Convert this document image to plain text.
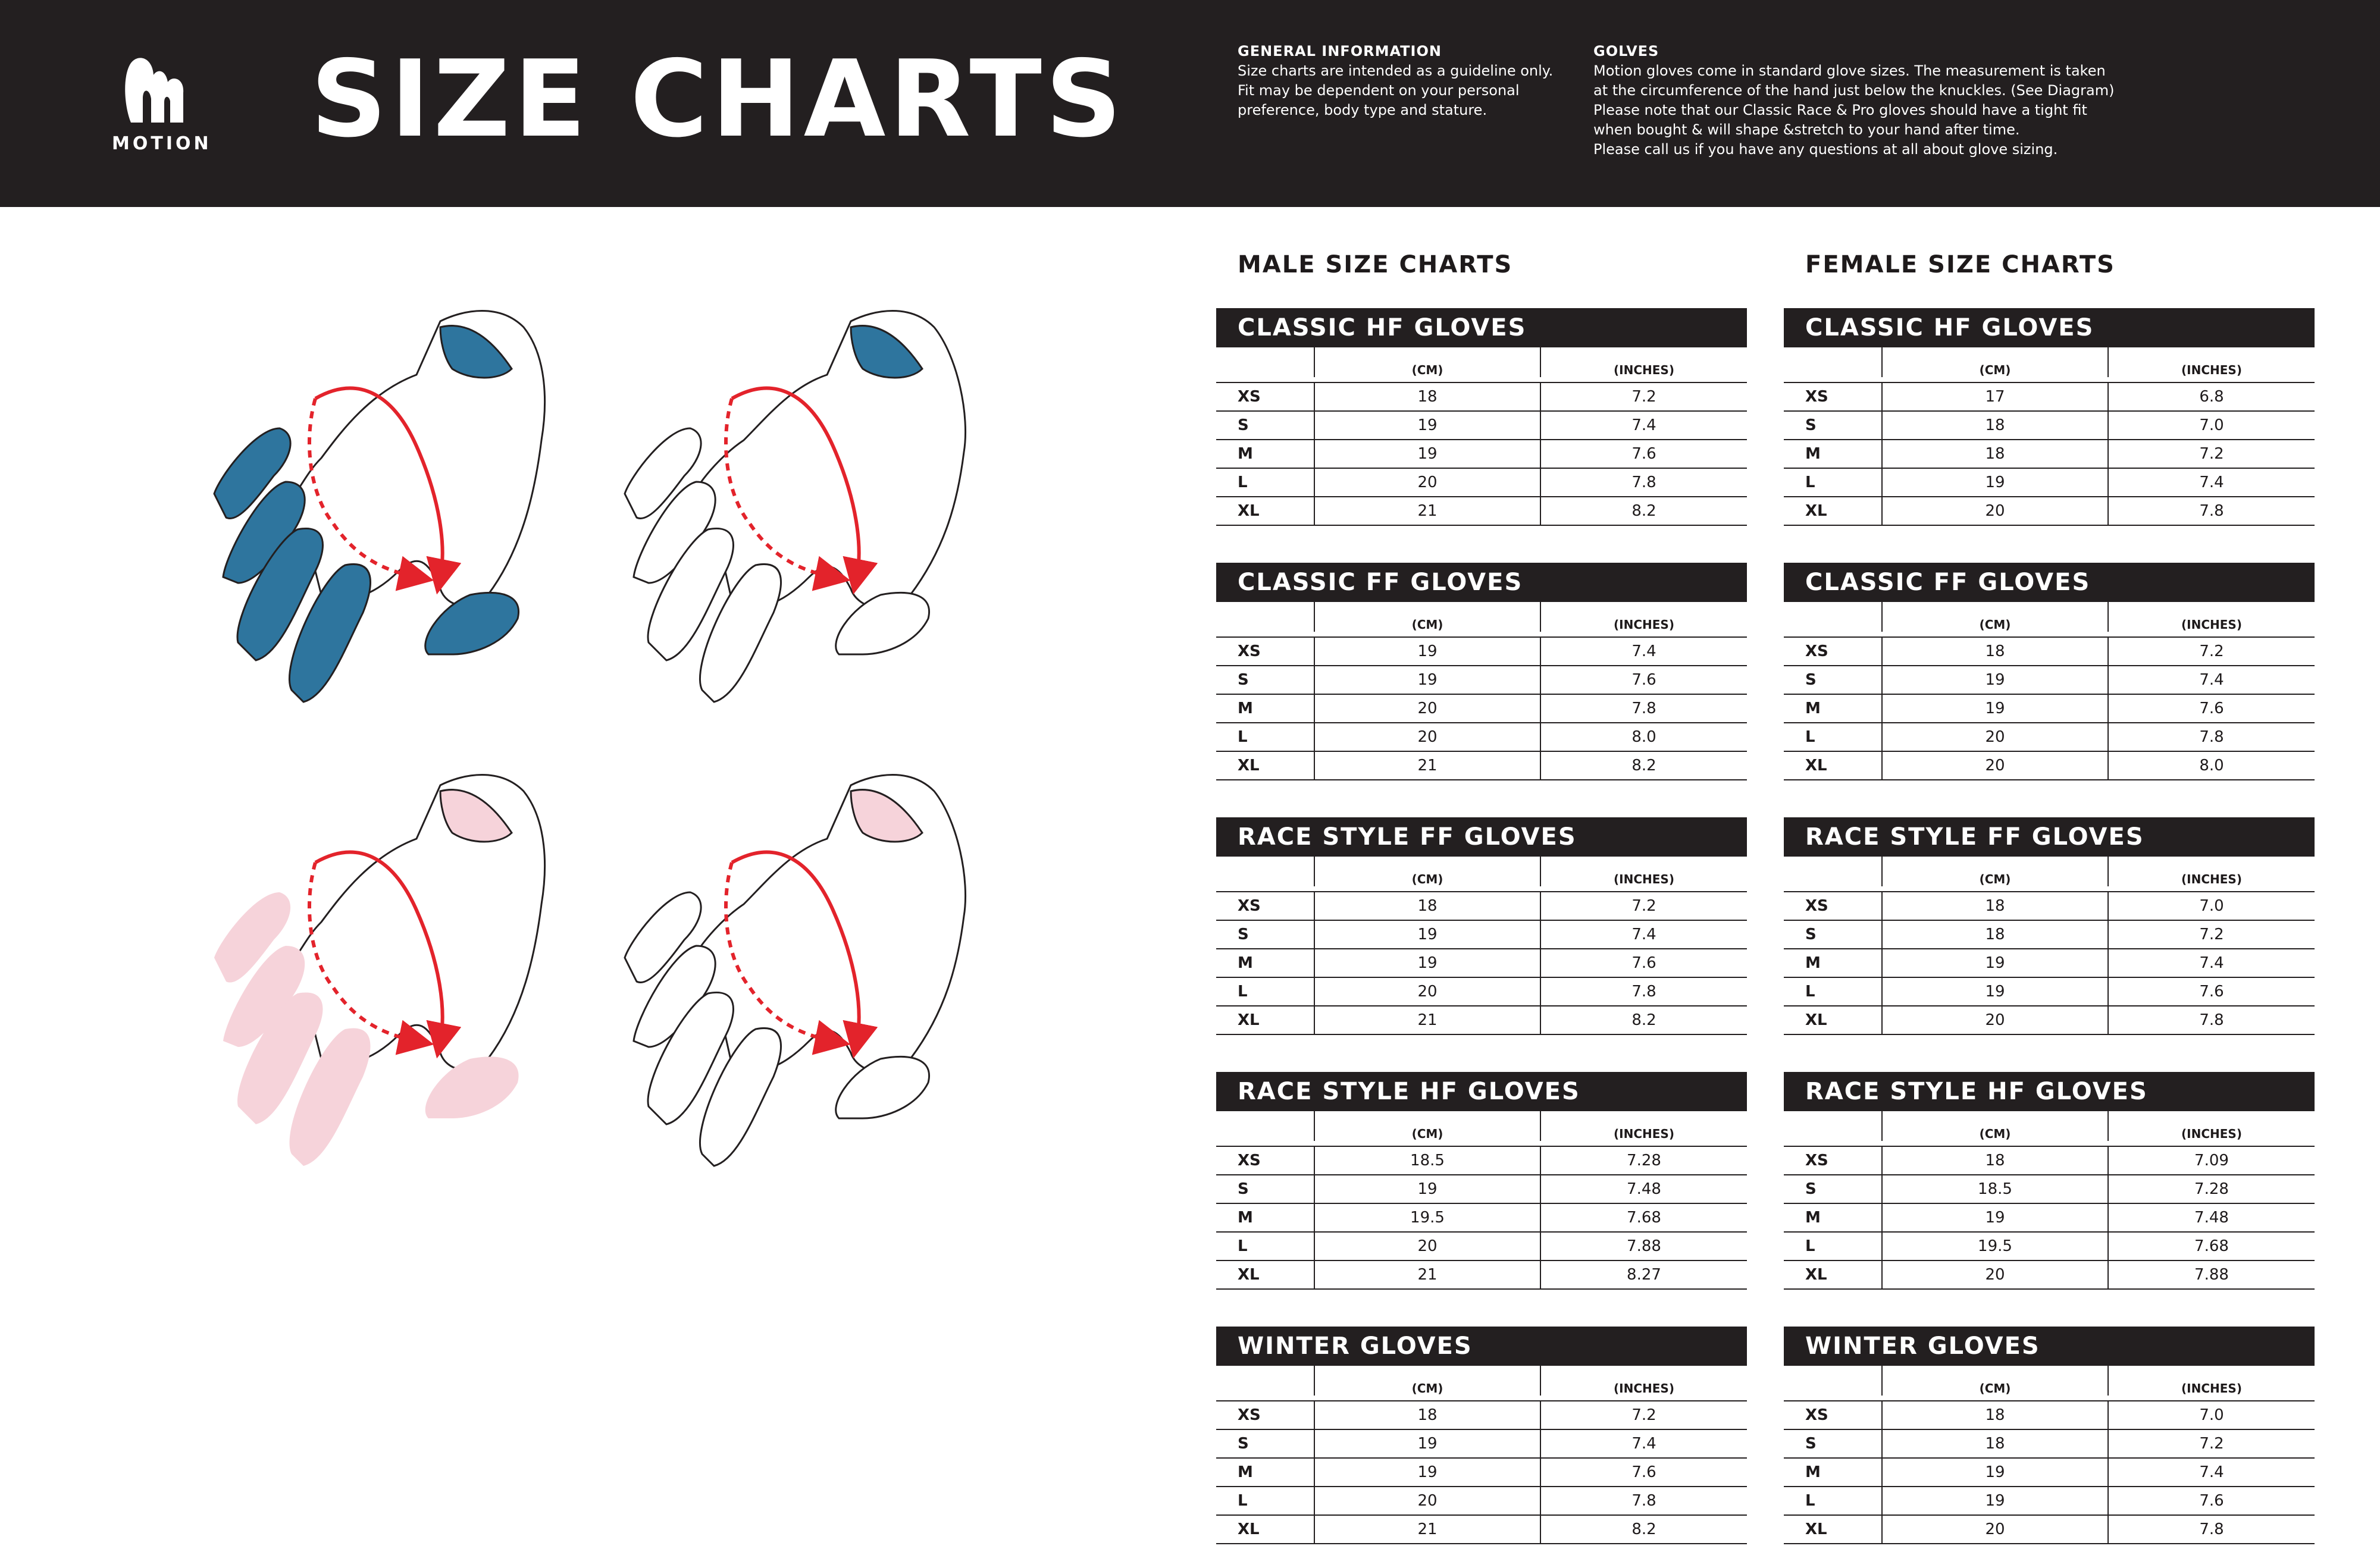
MOTION SIZE CHARTS	GENERAL INFORMATION

Size charts are intended as a guideline only.
Fit may be dependent on your personal
preference, body type and stature.

GOLVES

Motion gloves come in standard glove sizes. The measurement is taken
at the circumference of the hand just below the knuckles. (See Diagram)
Please note that our Classic Race & Pro gloves should have a tight fit
when bought & will shape &stretch to your hand after time.
Please call us if you have any questions at all about glove sizing.

MALE SIZE CHARTS	FEMALE SIZE CHARTS
CLASSIC HF GLOVES
(CM)	(INCHES)
XS	18	7.2
S	19	7.4
M	19	7.6
L	20	7.8
XL	21	8.2
CLASSIC FF GLOVES
(CM)	(INCHES)
XS	19	7.4
S	19	7.6
M	20	7.8
L	20	8.0
XL	21	8.2
RACE STYLE FF GLOVES
(CM)	(INCHES)
XS	18	7.2
S	19	7.4
M	19	7.6
L	20	7.8
XL	21	8.2
RACE STYLE HF GLOVES
(CM)	(INCHES)
XS	18.5	7.28
S	19	7.48
M	19.5	7.68
L	20	7.88
XL	21	8.27
WINTER GLOVES
(CM)	(INCHES)
XS	18	7.2
S	19	7.4
M	19	7.6
L	20	7.8
XL	21	8.2
CLASSIC HF GLOVES
(CM)	(INCHES)
XS	17	6.8
S	18	7.0
M	18	7.2
L	19	7.4
XL	20	7.8
CLASSIC FF GLOVES
(CM)	(INCHES)
XS	18	7.2
S	19	7.4
M	19	7.6
L	20	7.8
XL	20	8.0
RACE STYLE FF GLOVES
(CM)	(INCHES)
XS	18	7.0
S	18	7.2
M	19	7.4
L	19	7.6
XL	20	7.8
RACE STYLE HF GLOVES
(CM)	(INCHES)
XS	18	7.09
S	18.5	7.28
M	19	7.48
L	19.5	7.68
XL	20	7.88
WINTER GLOVES
(CM)	(INCHES)
XS	18	7.0
S	18	7.2
M	19	7.4
L	19	7.6
XL	20	7.8
